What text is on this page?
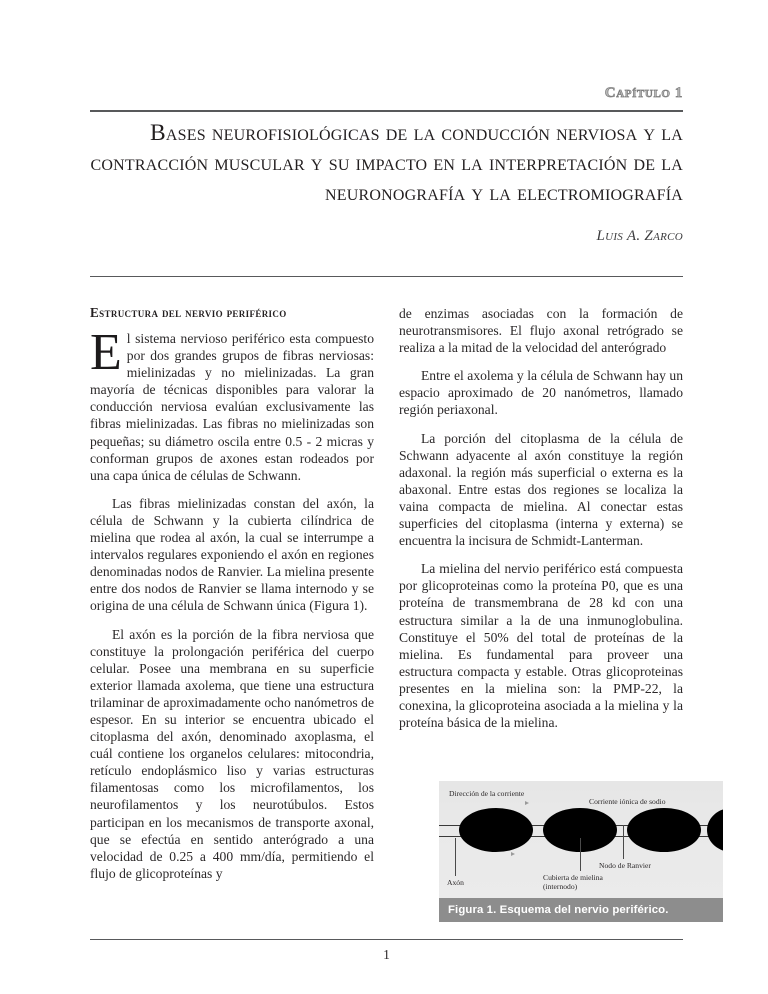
Capítulo 1
Bases neurofisiológicas de la conducción nerviosa y la contracción muscular y su impacto en la interpretación de la neuronografía y la electromiografía

Luis A. Zarco

Estructura del nervio periférico

El sistema nervioso periférico esta compuesto por dos grandes grupos de fibras nerviosas: mielinizadas y no mielinizadas. La gran mayoría de técnicas disponibles para valorar la conducción nerviosa evalúan exclusivamente las fibras mielinizadas. Las fibras no mielinizadas son pequeñas; su diámetro oscila entre 0.5 - 2 micras y conforman grupos de axones estan rodeados por una capa única de células de Schwann.

Las fibras mielinizadas constan del axón, la célula de Schwann y la cubierta cilíndrica de mielina que rodea al axón, la cual se interrumpe a intervalos regulares exponiendo el axón en regiones denominadas nodos de Ranvier. La mielina presente entre dos nodos de Ranvier se llama internodo y se origina de una célula de Schwann única (Figura 1).

El axón es la porción de la fibra nerviosa que constituye la prolongación periférica del cuerpo celular. Posee una membrana en su superficie exterior llamada axolema, que tiene una estructura trilaminar de aproximadamente ocho nanómetros de espesor. En su interior se encuentra ubicado el citoplasma del axón, denominado axoplasma, el cuál contiene los organelos celulares: mitocondria, retículo endoplásmico liso y varias estructuras filamentosas como los microfilamentos, los neurofilamentos y los neurotúbulos. Estos participan en los mecanismos de transporte axonal, que se efectúa en sentido anterógrado a una velocidad de 0.25 a 400 mm/día, permitiendo el flujo de glicoproteínas y

de enzimas asociadas con la formación de neurotransmisores. El flujo axonal retrógrado se realiza a la mitad de la velocidad del anterógrado

Entre el axolema y la célula de Schwann hay un espacio aproximado de 20 nanómetros, llamado región periaxonal.

La porción del citoplasma de la célula de Schwann adyacente al axón constituye la región adaxonal. la región más superficial o externa es la abaxonal. Entre estas dos regiones se localiza la vaina compacta de mielina. Al conectar estas superficies del citoplasma (interna y externa) se encuentra la incisura de Schmidt-Lanterman.

La mielina del nervio periférico está compuesta por glicoproteinas como la proteína P0, que es una proteína de transmembrana de 28 kd con una estructura similar a la de una inmunoglobulina. Constituye el 50% del total de proteínas de la mielina. Es fundamental para proveer una estructura compacta y estable. Otras glicoproteinas presentes en la mielina son: la PMP-22, la conexina, la glicoproteina asociada a la mielina y la proteína básica de la mielina.

Dirección de la corriente
Corriente iónica de sodio
Nodo de Ranvier
Axón
Cubierta de mielina
(internodo)
Figura 1. Esquema del nervio periférico.
1
